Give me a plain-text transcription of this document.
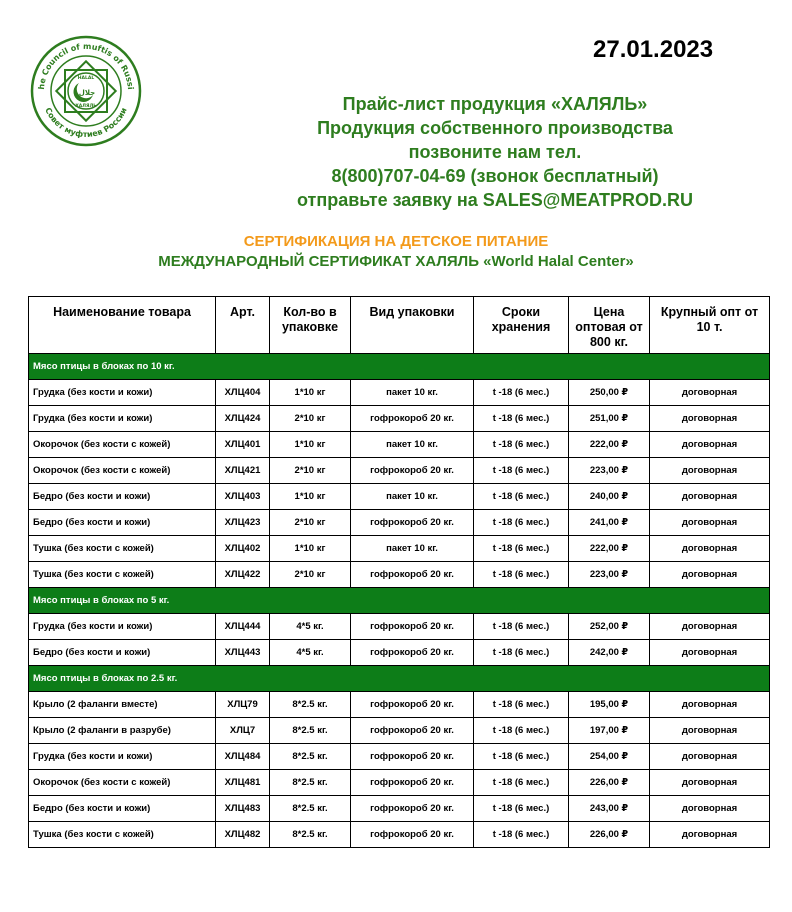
he Council of muftis of Russi
Совет муфтиев России
HALAL
حلال
ХАЛЯЛЬ
27.01.2023
Прайс-лист продукция «ХАЛЯЛЬ»
Продукция собственного производства
позвоните нам тел.
8(800)707-04-69 (звонок бесплатный)
отправьте заявку на SALES@MEATPROD.RU
СЕРТИФИКАЦИЯ НА ДЕТСКОЕ ПИТАНИЕ
МЕЖДУНАРОДНЫЙ СЕРТИФИКАТ ХАЛЯЛЬ «World Halal Center»
Наименование товара	Арт.	Кол-во в упаковке	Вид упаковки	Сроки хранения	Цена оптовая от 800 кг.	Крупный опт от 10 т.
Мясо птицы в блоках по 10 кг.						
Грудка (без кости и кожи)	ХЛЦ404	1*10 кг	пакет 10 кг.	t -18 (6 мес.)	250,00 ₽	договорная
Грудка (без кости и кожи)	ХЛЦ424	2*10 кг	гофрокороб 20 кг.	t -18 (6 мес.)	251,00 ₽	договорная
Окорочок (без кости с кожей)	ХЛЦ401	1*10 кг	пакет 10 кг.	t -18 (6 мес.)	222,00 ₽	договорная
Окорочок (без кости с кожей)	ХЛЦ421	2*10 кг	гофрокороб 20 кг.	t -18 (6 мес.)	223,00 ₽	договорная
Бедро (без кости и кожи)	ХЛЦ403	1*10 кг	пакет 10 кг.	t -18 (6 мес.)	240,00 ₽	договорная
Бедро (без кости и кожи)	ХЛЦ423	2*10 кг	гофрокороб 20 кг.	t -18 (6 мес.)	241,00 ₽	договорная
Тушка (без кости с кожей)	ХЛЦ402	1*10 кг	пакет 10 кг.	t -18 (6 мес.)	222,00 ₽	договорная
Тушка (без кости с кожей)	ХЛЦ422	2*10 кг	гофрокороб 20 кг.	t -18 (6 мес.)	223,00 ₽	договорная
Мясо птицы в блоках по 5 кг.						
Грудка (без кости и кожи)	ХЛЦ444	4*5 кг.	гофрокороб 20 кг.	t -18 (6 мес.)	252,00 ₽	договорная
Бедро (без кости и кожи)	ХЛЦ443	4*5 кг.	гофрокороб 20 кг.	t -18 (6 мес.)	242,00 ₽	договорная
Мясо птицы в блоках по 2.5 кг.						
Крыло (2 фаланги вместе)	ХЛЦ79	8*2.5 кг.	гофрокороб 20 кг.	t -18 (6 мес.)	195,00 ₽	договорная
Крыло (2 фаланги в разрубе)	ХЛЦ7	8*2.5 кг.	гофрокороб 20 кг.	t -18 (6 мес.)	197,00 ₽	договорная
Грудка (без кости и кожи)	ХЛЦ484	8*2.5 кг.	гофрокороб 20 кг.	t -18 (6 мес.)	254,00 ₽	договорная
Окорочок (без кости с кожей)	ХЛЦ481	8*2.5 кг.	гофрокороб 20 кг.	t -18 (6 мес.)	226,00 ₽	договорная
Бедро (без кости и кожи)	ХЛЦ483	8*2.5 кг.	гофрокороб 20 кг.	t -18 (6 мес.)	243,00 ₽	договорная
Тушка (без кости с кожей)	ХЛЦ482	8*2.5 кг.	гофрокороб 20 кг.	t -18 (6 мес.)	226,00 ₽	договорная
